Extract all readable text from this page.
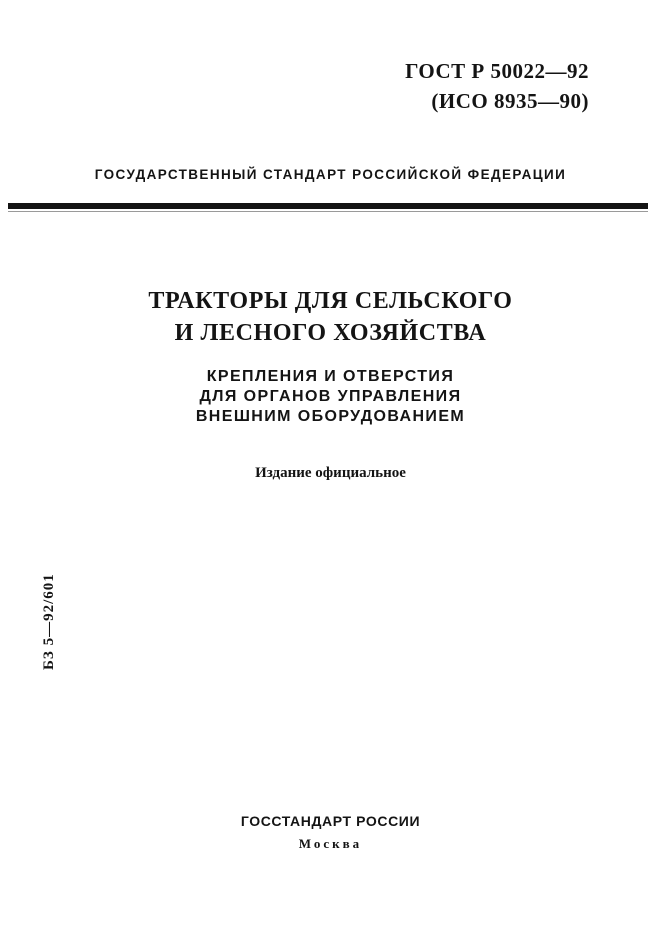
ГОСТ Р 50022—92
(ИСО 8935—90)
ГОСУДАРСТВЕННЫЙ СТАНДАРТ РОССИЙСКОЙ ФЕДЕРАЦИИ
ТРАКТОРЫ ДЛЯ СЕЛЬСКОГО
И ЛЕСНОГО ХОЗЯЙСТВА
КРЕПЛЕНИЯ И ОТВЕРСТИЯ
ДЛЯ ОРГАНОВ УПРАВЛЕНИЯ
ВНЕШНИМ ОБОРУДОВАНИЕМ
Издание официальное
БЗ 5—92/601
ГОССТАНДАРТ РОССИИ
Москва
